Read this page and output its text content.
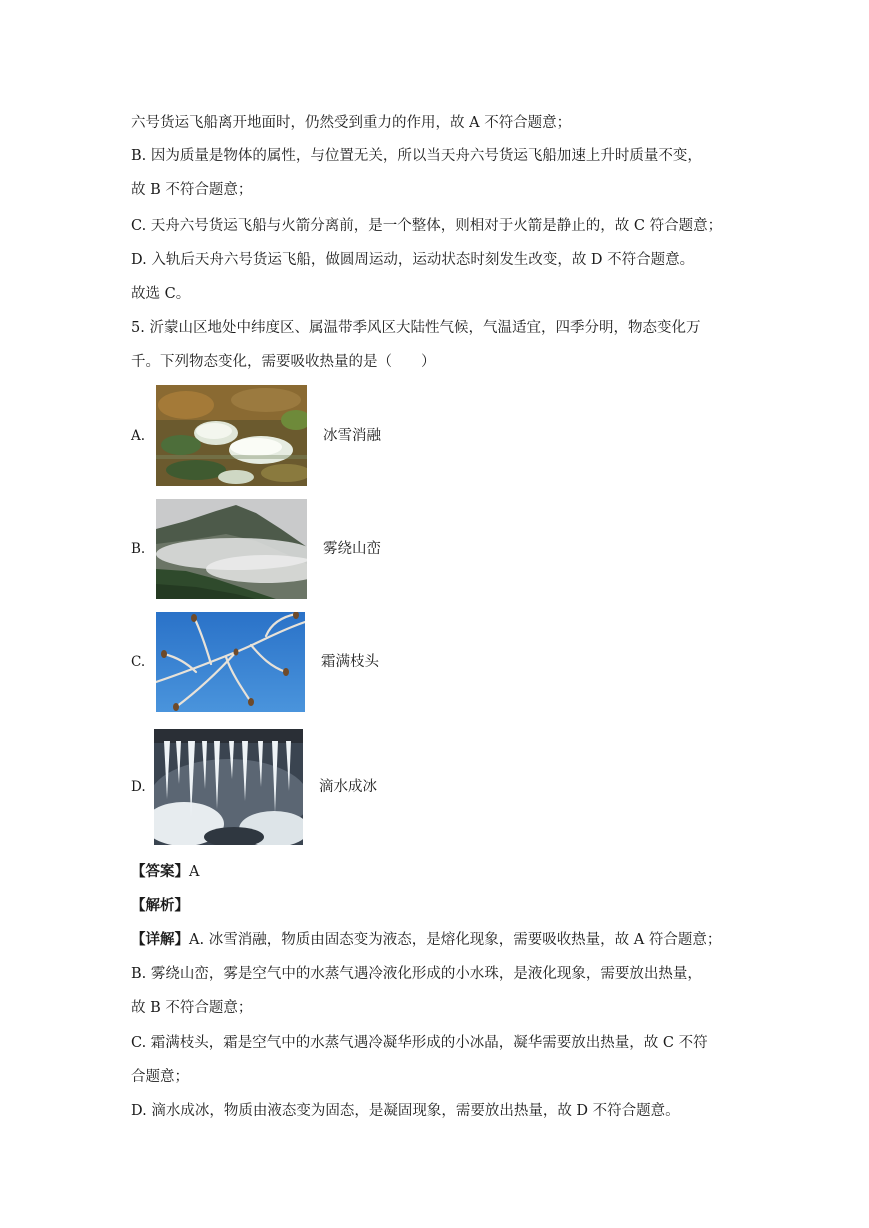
六号货运飞船离开地面时，仍然受到重力的作用，故 A 不符合题意；
B. 因为质量是物体的属性，与位置无关，所以当天舟六号货运飞船加速上升时质量不变，
故 B 不符合题意；
C. 天舟六号货运飞船与火箭分离前，是一个整体，则相对于火箭是静止的，故 C 符合题意；
D. 入轨后天舟六号货运飞船，做圆周运动，运动状态时刻发生改变，故 D 不符合题意。
故选 C。
5. 沂蒙山区地处中纬度区、属温带季风区大陆性气候，气温适宜，四季分明，物态变化万
千。下列物态变化，需要吸收热量的是（　　）
A.	冰雪消融
B.	雾绕山峦
C.	霜满枝头
D.	滴水成冰
【答案】A
【解析】
【详解】A. 冰雪消融，物质由固态变为液态，是熔化现象，需要吸收热量，故 A 符合题意；
B. 雾绕山峦，雾是空气中的水蒸气遇冷液化形成的小水珠，是液化现象，需要放出热量，
故 B 不符合题意；
C. 霜满枝头，霜是空气中的水蒸气遇冷凝华形成的小冰晶，凝华需要放出热量，故 C 不符
合题意；
D. 滴水成冰，物质由液态变为固态，是凝固现象，需要放出热量，故 D 不符合题意。
